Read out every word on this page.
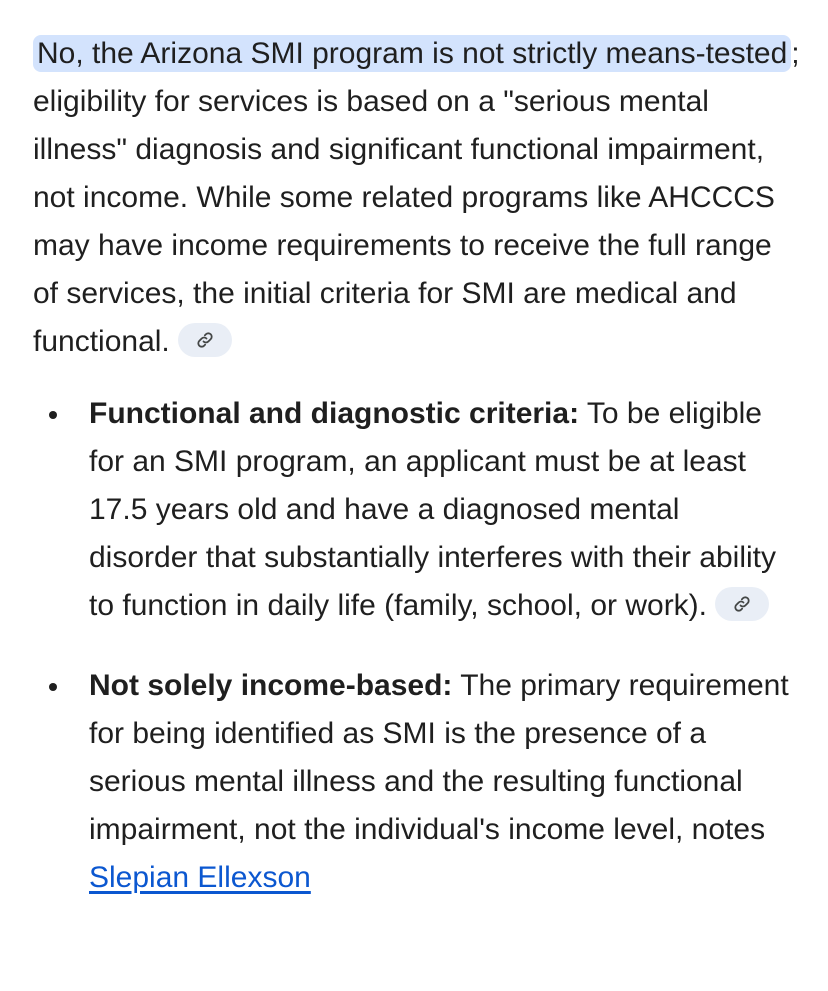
No, the Arizona SMI program is not strictly means-tested ; eligibility for services is based on a "serious mental illness" diagnosis and significant functional impairment, not income. While some related programs like AHCCCS may have income requirements to receive the full range of services, the initial criteria for SMI are medical and functional.

Functional and diagnostic criteria: To be eligible for an SMI program, an applicant must be at least 17.5 years old and have a diagnosed mental disorder that substantially interferes with their ability to function in daily life (family, school, or work).
Not solely income-based: The primary requirement for being identified as SMI is the presence of a serious mental illness and the resulting functional impairment, not the individual's income level, notes Slepian Ellexson
